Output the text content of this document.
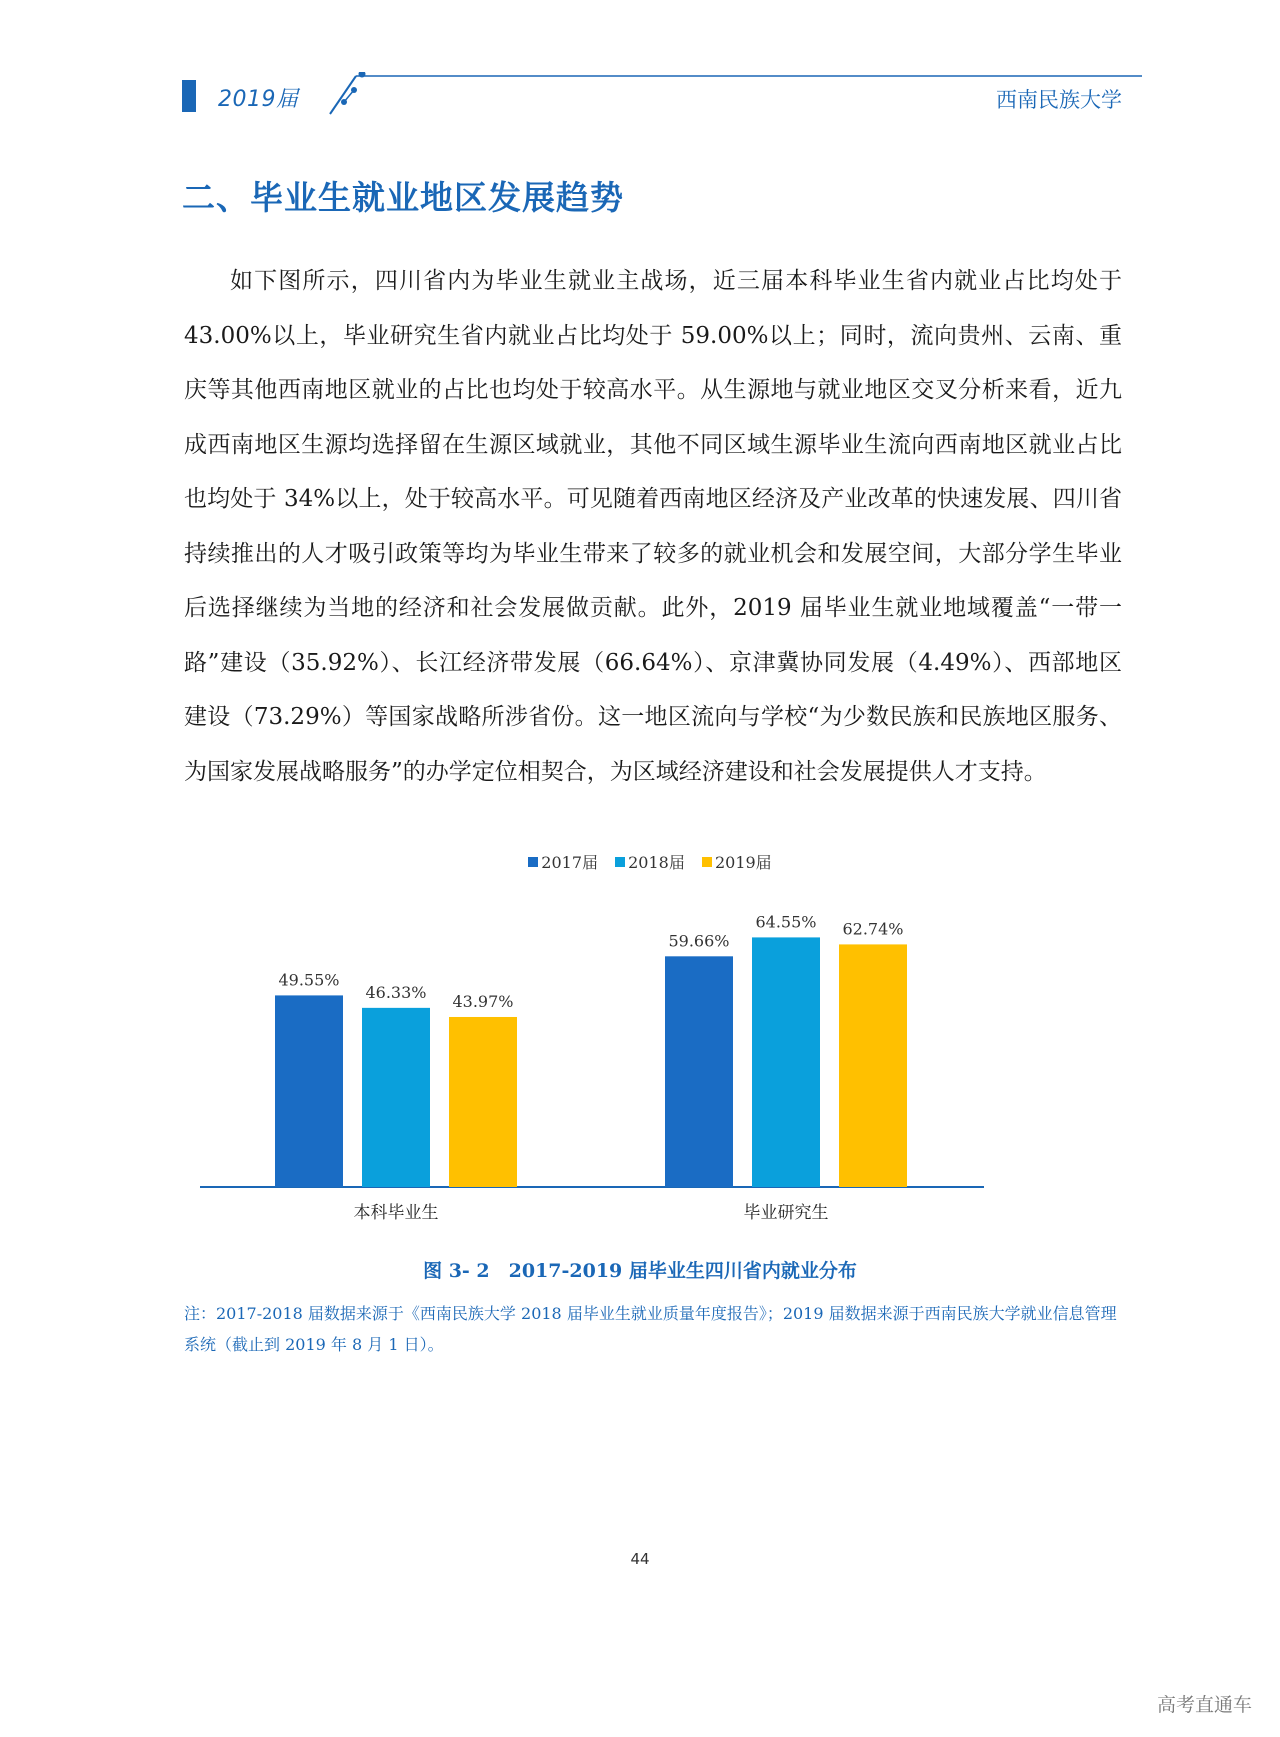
2019届	西南民族大学
二、毕业生就业地区发展趋势

如下图所示，四川省内为毕业生就业主战场，近三届本科毕业生省内就业占比均处于 43.00%以上，毕业研究生省内就业占比均处于 59.00%以上；同时，流向贵州、云南、重庆等其他西南地区就业的占比也均处于较高水平。从生源地与就业地区交叉分析来看，近九成西南地区生源均选择留在生源区域就业，其他不同区域生源毕业生流向西南地区就业占比也均处于 34%以上，处于较高水平。可见随着西南地区经济及产业改革的快速发展、四川省持续推出的人才吸引政策等均为毕业生带来了较多的就业机会和发展空间，大部分学生毕业后选择继续为当地的经济和社会发展做贡献。此外，2019 届毕业生就业地域覆盖“一带一路”建设（35.92%）、长江经济带发展（66.64%）、京津冀协同发展（4.49%）、西部地区建设（73.29%）等国家战略所涉省份。这一地区流向与学校“为少数民族和民族地区服务、为国家发展战略服务”的办学定位相契合，为区域经济建设和社会发展提供人才支持。

2017届 2018届 2019届
49.55%
46.33% 43.97%
本科毕业生
59.66%
64.55% 62.74%
毕业研究生
图 3- 2　2017-2019 届毕业生四川省内就业分布

注：2017-2018 届数据来源于《西南民族大学 2018 届毕业生就业质量年度报告》；2019 届数据来源于西南民族大学就业信息管理系统（截止到 2019 年 8 月 1 日）。

44
高考直通车
